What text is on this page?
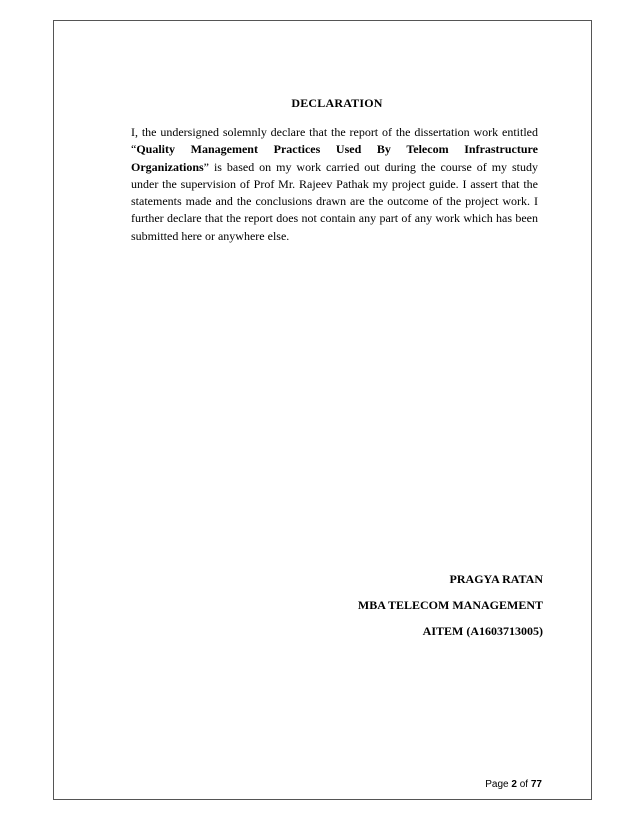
DECLARATION
I, the undersigned solemnly declare that the report of the dissertation work entitled “Quality Management Practices Used By Telecom Infrastructure Organizations” is based on my work carried out during the course of my study under the supervision of Prof Mr. Rajeev Pathak my project guide. I assert that the statements made and the conclusions drawn are the outcome of the project work. I further declare that the report does not contain any part of any work which has been submitted here or anywhere else.
PRAGYA RATAN
MBA TELECOM MANAGEMENT
AITEM (A1603713005)
Page 2 of 77
